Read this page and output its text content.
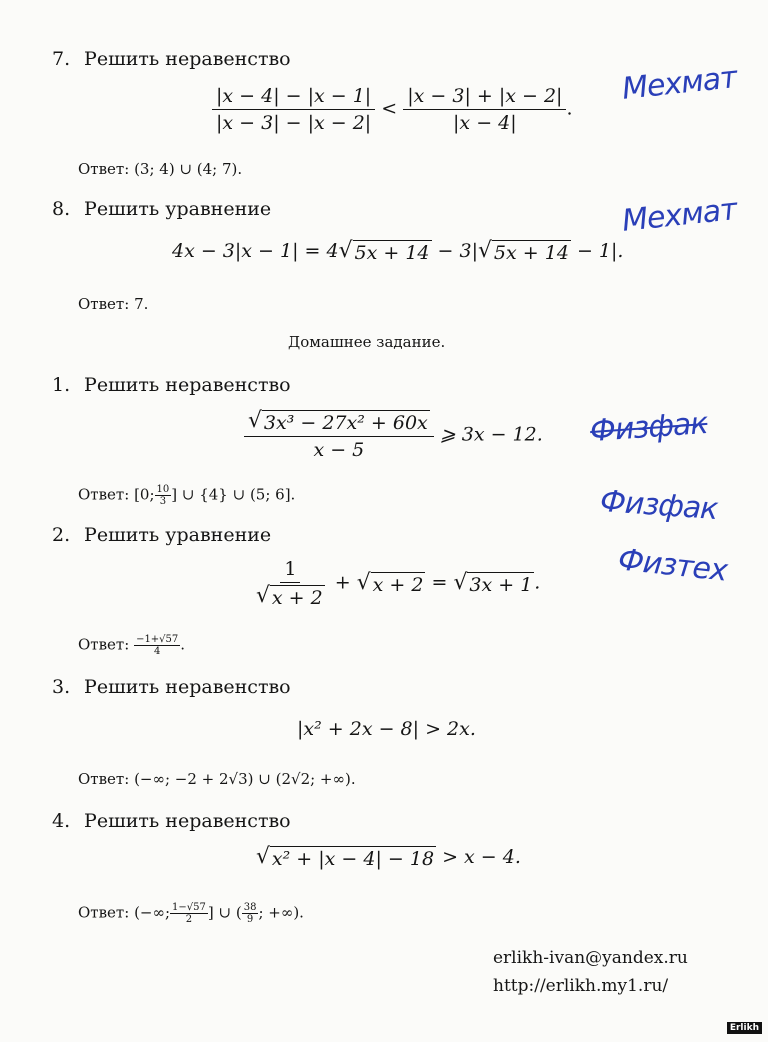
7. Решить неравенство
$\frac{|x - 4| - |x - 1|}{|x - 3| - |x - 2|} < \frac{|x - 3| + |x - 2|}{|x - 4|}$ .
Ответ: (3; 4) ∪ (4; 7).
8. Решить уравнение
4x − 3|x − 1| = 4 √ 5x + 14 − 3| √ 5x + 14 − 1|.
Ответ: 7.
Домашнее задание.
1. Решить неравенство
$\frac{\text{√ 3x³ − 27x² + 60x}}{x - 5}$ ⩾ 3x − 12.
Ответ: [0; $\frac{10}{3}$ ] ∪ {4} ∪ (5; 6].
2. Решить уравнение
$\frac{1}{√ x + 2}$ + √ x + 2 = √ 3x + 1 .
Ответ: $\frac{-1+√57}{4}$ .
3. Решить неравенство
|x² + 2x − 8| > 2x.
Ответ: (−∞; −2 + 2√3) ∪ (2√2; +∞).
4. Решить неравенство
√ x² + |x − 4| − 18 > x − 4.
Ответ: (−∞; $\frac{1-√57}{2}$ ] ∪ ( $\frac{38}{9}$ ; +∞).
erlikh-ivan@yandex.ru
http://erlikh.my1.ru/
Мехмат
Мехмат
Физфак
Физфак
Физтех
Erlikh
